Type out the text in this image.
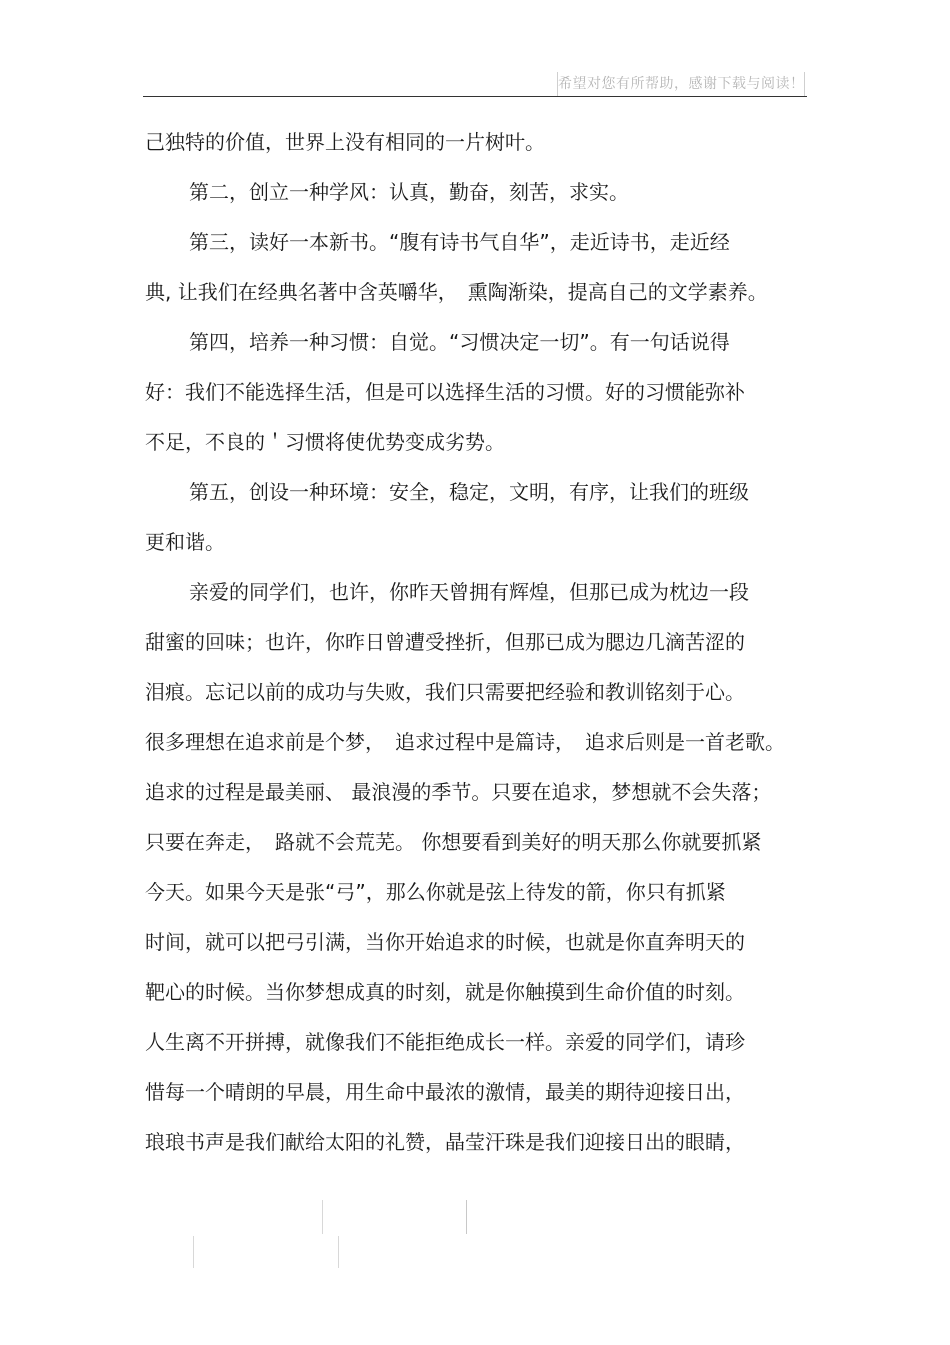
希望对您有所帮助，感谢下载与阅读！
己独特的价值，世界上没有相同的一片树叶。
第二，创立一种学风：认真，勤奋，刻苦，求实。
第三，读好一本新书。“腹有诗书气自华”，走近诗书，走近经
典, 让我们在经典名著中含英嚼华，　熏陶渐染，提高自己的文学素养。
第四，培养一种习惯：自觉。“习惯决定一切”。有一句话说得
好：我们不能选择生活，但是可以选择生活的习惯。好的习惯能弥补
不足，不良的＇习惯将使优势变成劣势。
第五，创设一种环境：安全，稳定，文明，有序，让我们的班级
更和谐。
亲爱的同学们，也许，你昨天曾拥有辉煌，但那已成为枕边一段
甜蜜的回味；也许，你昨日曾遭受挫折，但那已成为腮边几滴苦涩的
泪痕。忘记以前的成功与失败，我们只需要把经验和教训铭刻于心。
很多理想在追求前是个梦，　追求过程中是篇诗，　追求后则是一首老歌。
追求的过程是最美丽、 最浪漫的季节。只要在追求，梦想就不会失落；
只要在奔走，　路就不会荒芜。 你想要看到美好的明天那么你就要抓紧
今天。如果今天是张“弓”，那么你就是弦上待发的箭，你只有抓紧
时间，就可以把弓引满，当你开始追求的时候，也就是你直奔明天的
靶心的时候。当你梦想成真的时刻，就是你触摸到生命价值的时刻。
人生离不开拼搏，就像我们不能拒绝成长一样。亲爱的同学们，请珍
惜每一个晴朗的早晨，用生命中最浓的激情，最美的期待迎接日出，
琅琅书声是我们献给太阳的礼赞，晶莹汗珠是我们迎接日出的眼睛，
